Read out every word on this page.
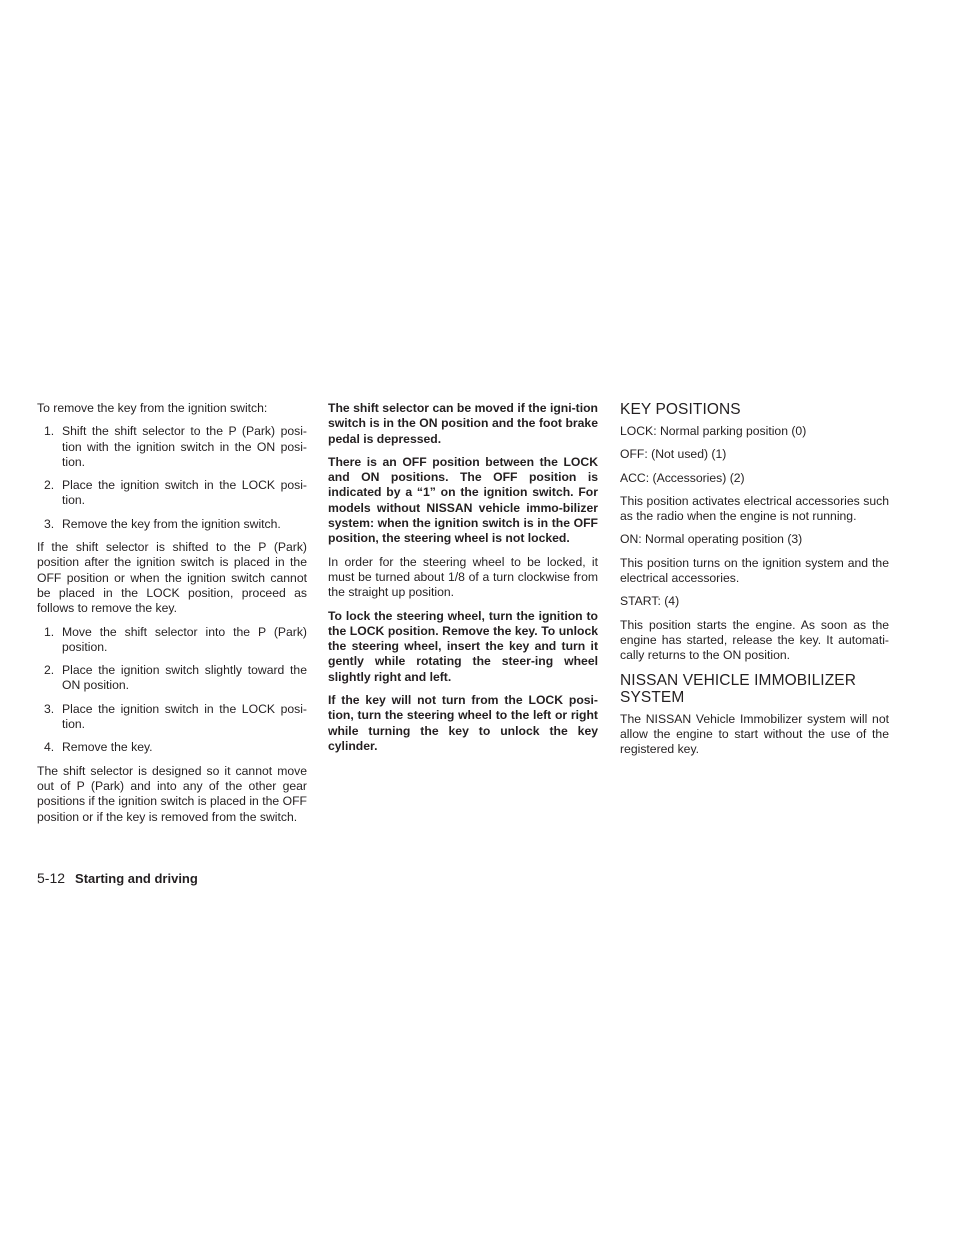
To remove the key from the ignition switch:

1. Shift the shift selector to the P (Park) posi-tion with the ignition switch in the ON posi-tion.
2. Place the ignition switch in the LOCK posi-tion.
3. Remove the key from the ignition switch.

If the shift selector is shifted to the P (Park) position after the ignition switch is placed in the OFF position or when the ignition switch cannot be placed in the LOCK position, proceed as follows to remove the key.

1. Move the shift selector into the P (Park) position.
2. Place the ignition switch slightly toward the ON position.
3. Place the ignition switch in the LOCK posi-tion.
4. Remove the key.

The shift selector is designed so it cannot move out of P (Park) and into any of the other gear positions if the ignition switch is placed in the OFF position or if the key is removed from the switch.

The shift selector can be moved if the igni-tion switch is in the ON position and the foot brake pedal is depressed.

There is an OFF position between the LOCK and ON positions. The OFF position is indicated by a “1” on the ignition switch. For models without NISSAN vehicle immo-bilizer system: when the ignition switch is in the OFF position, the steering wheel is not locked.

In order for the steering wheel to be locked, it must be turned about 1/8 of a turn clockwise from the straight up position.

To lock the steering wheel, turn the ignition to the LOCK position. Remove the key. To unlock the steering wheel, insert the key and turn it gently while rotating the steer-ing wheel slightly right and left.

If the key will not turn from the LOCK posi-tion, turn the steering wheel to the left or right while turning the key to unlock the key cylinder.

KEY POSITIONS

LOCK: Normal parking position (0)

OFF: (Not used) (1)

ACC: (Accessories) (2)

This position activates electrical accessories such as the radio when the engine is not running.

ON: Normal operating position (3)

This position turns on the ignition system and the electrical accessories.

START: (4)

This position starts the engine. As soon as the engine has started, release the key. It automati-cally returns to the ON position.

NISSAN VEHICLE IMMOBILIZER SYSTEM

The NISSAN Vehicle Immobilizer system will not allow the engine to start without the use of the registered key.

5-12 Starting and driving
